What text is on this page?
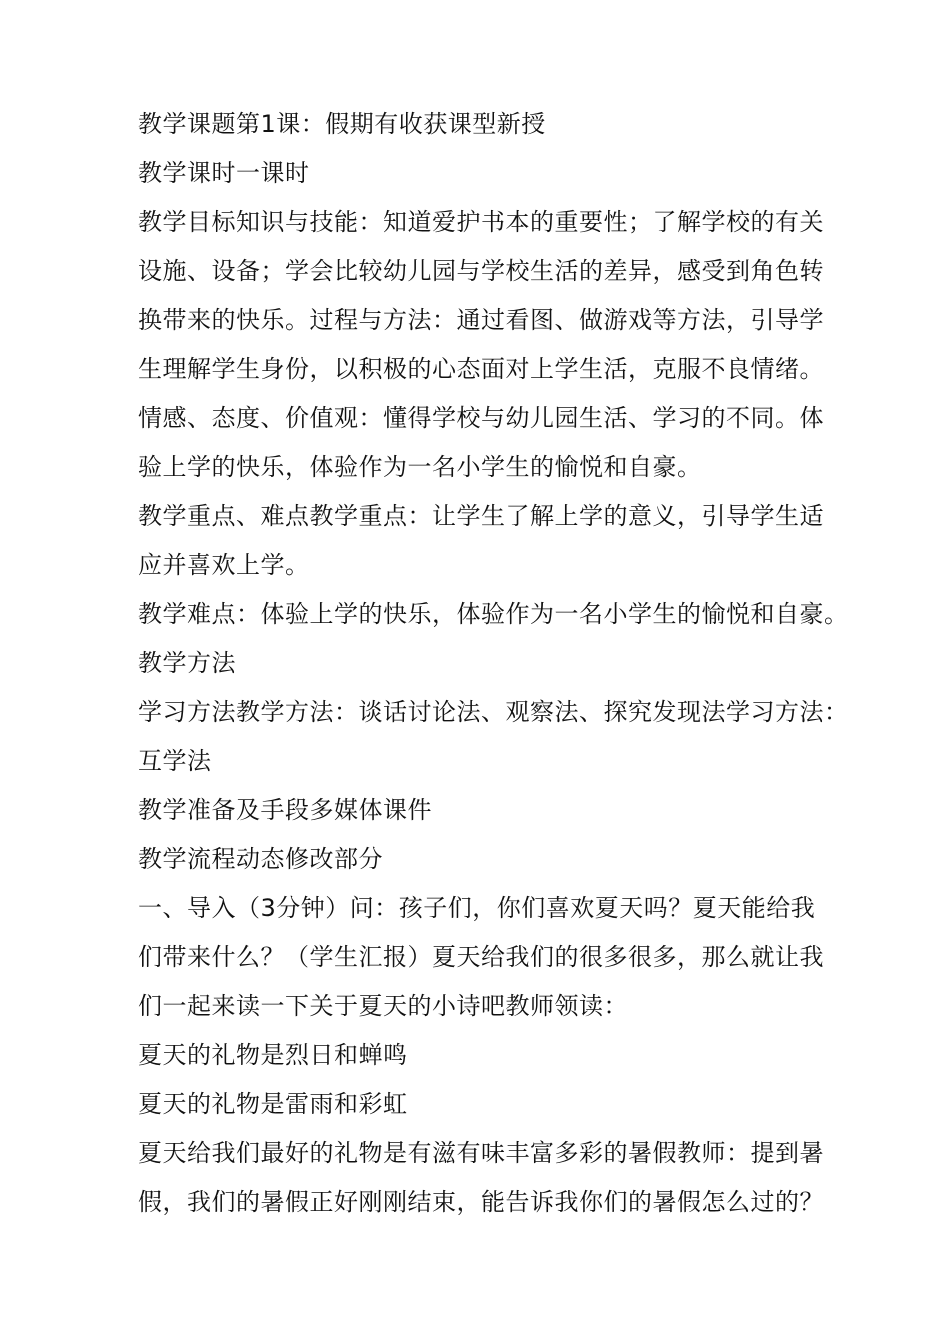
教学课题第1课：假期有收获课型新授
教学课时一课时
教学目标知识与技能：知道爱护书本的重要性；了解学校的有关
设施、设备；学会比较幼儿园与学校生活的差异，感受到角色转
换带来的快乐。过程与方法：通过看图、做游戏等方法，引导学
生理解学生身份，以积极的心态面对上学生活，克服不良情绪。
情感、态度、价值观：懂得学校与幼儿园生活、学习的不同。体
验上学的快乐，体验作为一名小学生的愉悦和自豪。
教学重点、难点教学重点：让学生了解上学的意义，引导学生适
应并喜欢上学。
教学难点：体验上学的快乐，体验作为一名小学生的愉悦和自豪。
教学方法
学习方法教学方法：谈话讨论法、观察法、探究发现法学习方法：
互学法
教学准备及手段多媒体课件
教学流程动态修改部分
一、导入（3分钟）问：孩子们，你们喜欢夏天吗？夏天能给我
们带来什么？（学生汇报）夏天给我们的很多很多，那么就让我
们一起来读一下关于夏天的小诗吧教师领读：
夏天的礼物是烈日和蝉鸣
夏天的礼物是雷雨和彩虹
夏天给我们最好的礼物是有滋有味丰富多彩的暑假教师：提到暑
假，我们的暑假正好刚刚结束，能告诉我你们的暑假怎么过的？
